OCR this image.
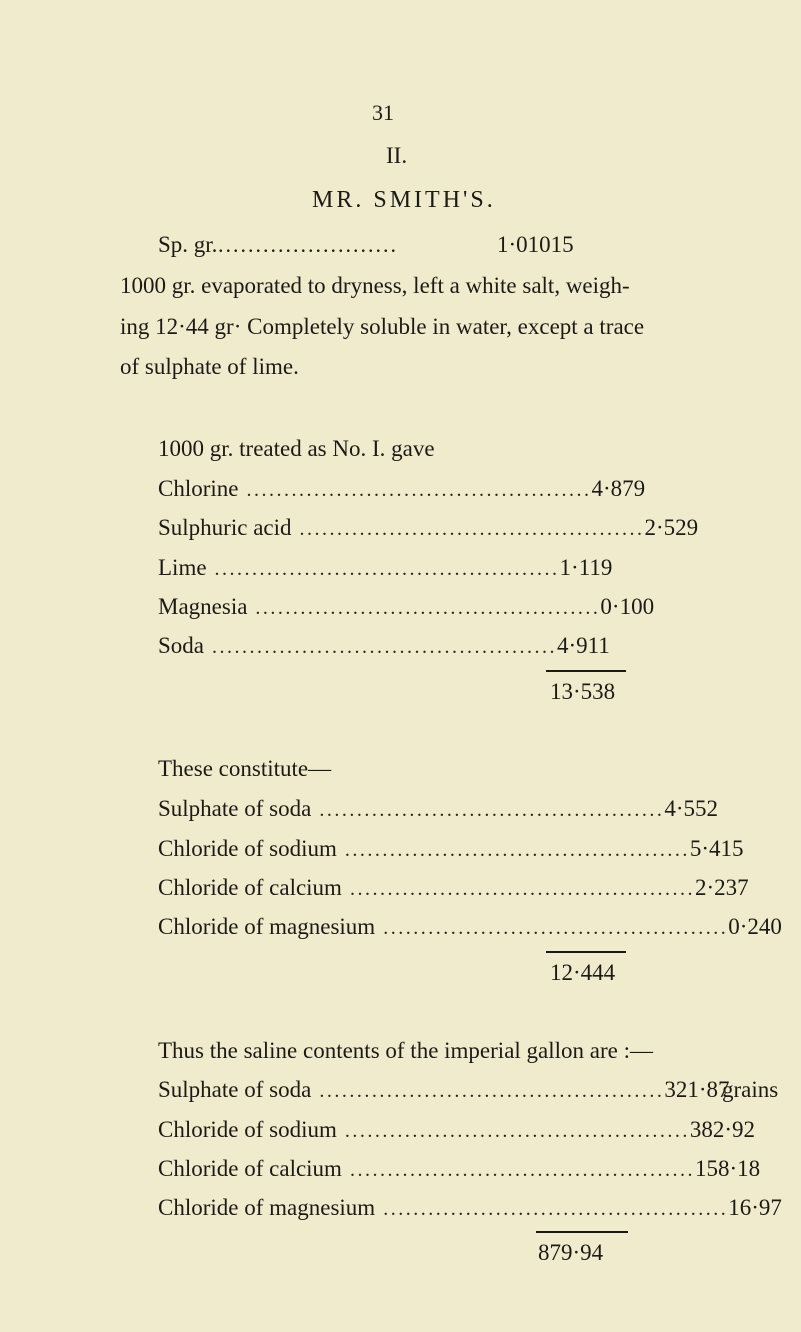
31
II.
MR. SMITH'S.
Sp. gr. ........................	1·01015
1000 gr. evaporated to dryness, left a white salt, weigh-
ing 12·44 gr· Completely soluble in water, except a trace
of sulphate of lime.
1000 gr. treated as No. I. gave
Chlorine .............................................. 4·879
Sulphuric acid .............................................. 2·529
Lime .............................................. 1·119
Magnesia .............................................. 0·100
Soda .............................................. 4·911
13·538
These constitute—
Sulphate of soda .............................................. 4·552
Chloride of sodium .............................................. 5·415
Chloride of calcium .............................................. 2·237
Chloride of magnesium .............................................. 0·240
12·444
Thus the saline contents of the imperial gallon are :—
Sulphate of soda .............................................. 321·87
grains
Chloride of sodium .............................................. 382·92
Chloride of calcium .............................................. 158·18
Chloride of magnesium .............................................. 16·97
879·94
